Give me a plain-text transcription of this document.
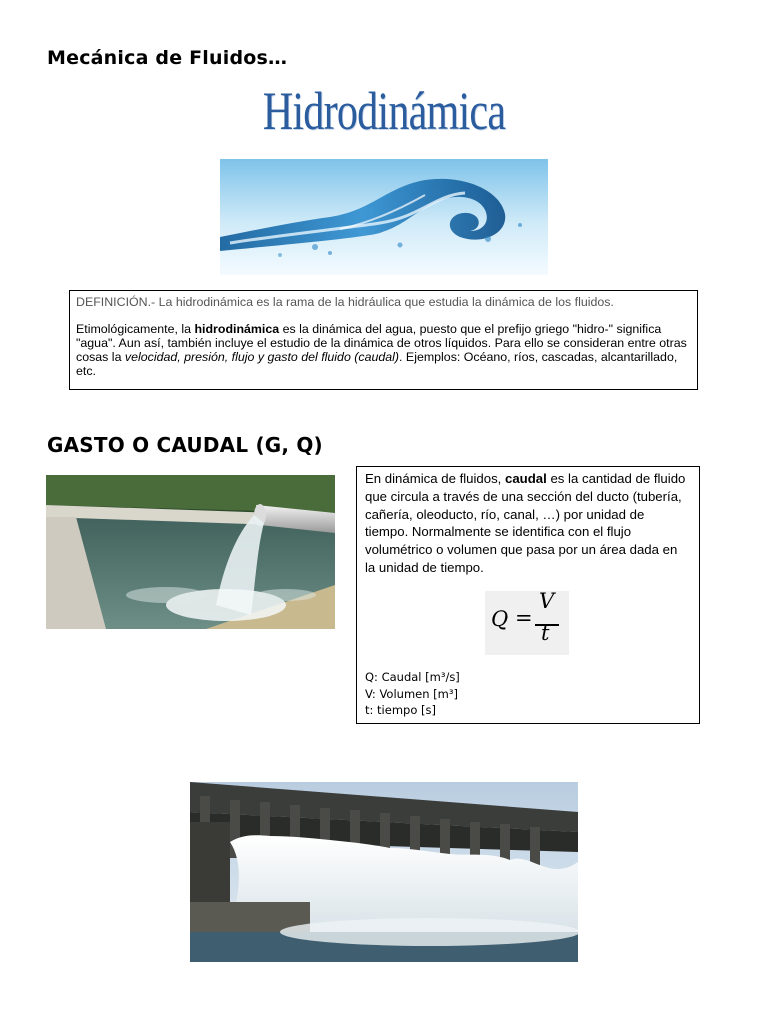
Mecánica de Fluidos…
Hidrodinámica

DEFINICIÓN.- La hidrodinámica es la rama de la hidráulica que estudia la dinámica de los fluidos.

Etimológicamente, la hidrodinámica es la dinámica del agua, puesto que el prefijo griego "hidro-" significa "agua". Aun así, también incluye el estudio de la dinámica de otros líquidos. Para ello se consideran entre otras cosas la velocidad, presión, flujo y gasto del fluido (caudal). Ejemplos: Océano, ríos, cascadas, alcantarillado, etc.

GASTO O CAUDAL (G, Q)

En dinámica de fluidos, caudal es la cantidad de fluido que circula a través de una sección del ducto (tubería, cañería, oleoducto, río, canal, …) por unidad de tiempo. Normalmente se identifica con el flujo volumétrico o volumen que pasa por un área dada en la unidad de tiempo.

Q =
V
t
Q: Caudal [m³/s]
V: Volumen [m³]
t: tiempo [s]
